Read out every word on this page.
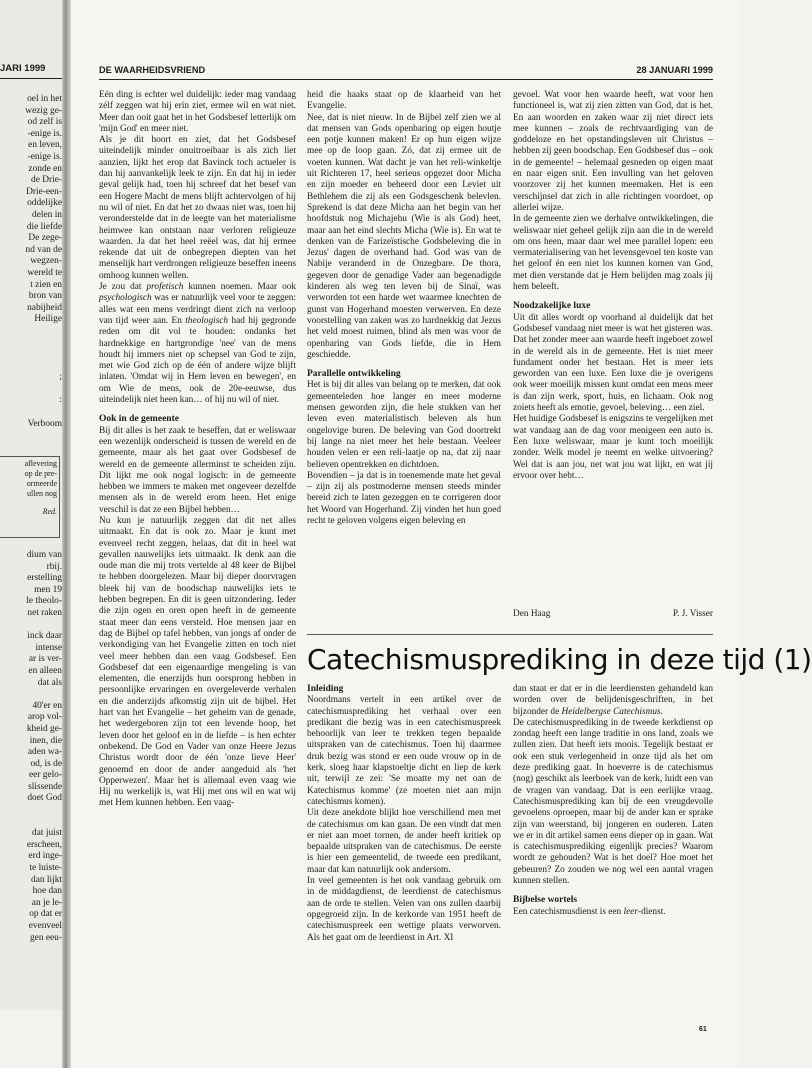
JARI 1999
oel in het
wezig ge-
od zelf is
-enige is.
en leven,
-enige is.
zonde en
de Drie-
Drie-een-
oddelijke
delen in
die liefde
De zege-
nd van de
wegzen-
wereld te
t zien en
bron van
nabijheid
Heilige
;
:
Verboom
aflevering
op de pre-
ormeerde
ullen nog
Red.
dium van
rbij.
erstelling
men 19
le theolo-
net raken
inck daar
intense
ar is ver-
en alleen
dat als
40'er en
arop vol-
kheid ge-
inen, die
aden wa-
od, is de
eer gelo-
slissende
doet God
dat juist
erscheen,
erd inge-
te luiste-
dan lijkt
hoe dan
an je le-
op dat er
evenveel
gen eeu-
DE WAARHEIDSVRIEND	28 JANUARI 1999

Eén ding is echter wel duidelijk: ieder mag vandaag zélf zeggen wat hij erin ziet, ermee wil en wat niet. Meer dan ooit gaat het in het Godsbesef letterlijk om 'mijn God' en meer niet.

Als je dit hoort en ziet, dat het Godsbesef uiteindelijk minder onuitroeibaar is als zich liet aanzien, lijkt het erop dat Bavinck toch actueler is dan hij aanvankelijk leek te zijn. En dat hij in ieder geval gelijk had, toen hij schreef dat het besef van een Hogere Macht de mens blijft achtervolgen of hij nu wil of niet. En dat het zo dwaas niet was, toen hij veronderstelde dat in de leegte van het materialisme heimwee kan ontstaan naar verloren religieuze waarden. Ja dat het heel reëel was, dat hij ermee rekende dat uit de onbegrepen diepten van het menselijk hart verdrongen religieuze beseffen ineens omhoog kunnen wellen.

Je zou dat profetisch kunnen noemen. Maar ook psychologisch was er natuurlijk veel voor te zeggen: alles wat een mens verdringt dient zich na verloop van tijd weer aan. En theologisch had hij gegronde reden om dit vol te houden: ondanks het hardnekkige en hartgrondige 'nee' van de mens houdt hij immers niet op schepsel van God te zijn, met wie God zich op de één of andere wijze blijft inlaten. 'Omdat wij in Hem leven en bewegen', en om Wie de mens, ook de 20e-eeuwse, dus uiteindelijk niet heen kan… of hij nu wil of niet.

Ook in de gemeente

Bij dit alles is het zaak te beseffen, dat er weliswaar een wezenlijk onderscheid is tussen de wereld en de gemeente, maar als het gaat over Godsbesef de wereld en de gemeente allerminst te scheiden zijn. Dit lijkt me ook nogal logisch: in de gemeente hebben we immers te maken met ongeveer dezelfde mensen als in de wereld erom heen. Het enige verschil is dat ze een Bijbel hebben…

Nu kun je natuurlijk zeggen dat dit net alles uitmaakt. En dat is ook zo. Maar je kunt met evenveel recht zeggen, helaas, dat dit in heel wat gevallen nauwelijks iets uitmaakt. Ik denk aan die oude man die mij trots vertelde al 48 keer de Bijbel te hebben doorgelezen. Maar bij dieper doorvragen bleek hij van de boodschap nauwelijks iets te hebben begrepen. En dit is geen uitzondering. Ieder die zijn ogen en oren open heeft in de gemeente staat meer dan eens versteld. Hoe mensen jaar en dag de Bijbel op tafel hebben, van jongs af onder de verkondiging van het Evangelie zitten en toch niet veel meer hebben dan een vaag Godsbesef. Een Godsbesef dat een eigenaardige mengeling is van elementen, die enerzijds hun oorsprong hebben in persoonlijke ervaringen en overgeleverde verhalen en die anderzijds afkomstig zijn uit de bijbel. Het hart van het Evangelie – het geheim van de genade, het wedergeboren zijn tot een levende hoop, het leven door het geloof en in de liefde – is hen echter onbekend. De God en Vader van onze Heere Jezus Christus wordt door de één 'onze lieve Heer' genoemd en door de ander aangeduid als 'het Opperwezen'. Maar het is allemaal even vaag wie Hij nu werkelijk is, wat Hij met ons wil en wat wij met Hem kunnen hebben. Een vaag-

heid die haaks staat op de klaarheid van het Evangelie.

Nee, dat is niet nieuw. In de Bijbel zelf zien we al dat mensen van Gods openbaring op eigen houtje een potje kunnen maken! Er op hun eigen wijze mee op de loop gaan. Zó, dat zij ermee uit de voeten kunnen. Wat dacht je van het reli-winkeltje uit Richteren 17, heel serieus opgezet door Micha en zijn moeder en beheerd door een Leviet uit Bethlehem die zij als een Godsgeschenk belevlen. Sprekend is dat deze Micha aan het begin van het hoofdstuk nog Michajehu (Wie is als God) heet, maar aan het eind slechts Micha (Wie is). En wat te denken van de Farizeïstische Godsbeleving die in Jezus' dagen de overhand had. God was van de Nabije veranderd in de Onzegbare. De thora, gegeven door de genadige Vader aan begenadigde kinderen als weg ten leven bij de Sinaï, was verworden tot een harde wet waarmee knechten de gunst van Hogerhand moesten verwerven. En deze voorstelling van zaken was zo hardnekkig dat Jezus het veld moest ruimen, blind als men was voor de openbaring van Gods liefde, die in Hem geschiedde.

Parallelle ontwikkeling

Het is bij dit alles van belang op te merken, dat ook gemeenteleden hoe langer en meer moderne mensen geworden zijn, die hele stukken van het leven even materialistisch beleven als hun ongelovige buren. De beleving van God doortrekt bij lange na niet meer het hele bestaan. Veeleer houden velen er een reli-laatje op na, dat zij naar believen opentrekken en dichtdoen.

Bovendien – ja dat is in toenemende mate het geval – zijn zij als postmoderne mensen steeds minder bereid zich te laten gezeggen en te corrigeren door het Woord van Hogerhand. Zij vinden het hun goed recht te geloven volgens eigen beleving en

gevoel. Wat voor hen waarde heeft, wat voor hen functioneel is, wat zij zien zitten van God, dat is het. En aan woorden en zaken waar zij niet direct iets mee kunnen – zoals de rechtvaardiging van de goddeloze en het opstandingsleven uit Christus – hebben zij geen boodschap. Een Godsbesef dus – ook in de gemeente! – helemaal gesneden op eigen maat en naar eigen snit. Een invulling van het geloven voorzover zij het kunnen meemaken. Het is een verschijnsel dat zich in alle richtingen voordoet, op allerlei wijze.

In de gemeente zien we derhalve ontwikkelingen, die weliswaar niet geheel gelijk zijn aan die in de wereld om ons heen, maar daar wel mee parallel lopen: een vermaterialisering van het levensgevoel ten koste van het geloof én een niet los kunnen komen van God, met dien verstande dat je Hem belijden mag zoals jij hem beleeft.

Noodzakelijke luxe

Uit dit alles wordt op voorhand al duidelijk dat het Godsbesef vandaag niet meer is wat het gisteren was. Dat het zonder meer aan waarde heeft ingeboet zowel in de wereld als in de gemeente. Het is niet meer fundament onder het bestaan. Het is meer iets geworden van een luxe. Een luxe die je overigens ook weer moeilijk missen kunt omdat een mens meer is dan zijn werk, sport, huis, en lichaam. Ook nog zoiets heeft als emotie, gevoel, beleving… een ziel.

Het huidige Godsbesef is enigszins te vergelijken met wat vandaag aan de dag voor menigeen een auto is. Een luxe weliswaar, maar je kunt toch moeilijk zonder. Welk model je neemt en welke uitvoering? Wel dat is aan jou, net wat jou wat lijkt, en wat jij ervoor over hebt…

Den Haag	P. J. Visser
Catechismusprediking in deze tijd (1)
Inleiding

Noordmans vertelt in een artikel over de catechismusprediking het verhaal over een predikant die bezig was in een catechismuspreek behoorlijk van leer te trekken tegen bepaalde uitspraken van de catechismus. Toen hij daarmee druk bezig was stond er een oude vrouw op in de kerk, sloeg haar klapstoeltje dicht en liep de kerk uit, terwijl ze zei: 'Se moatte my net oan de Katechismus komme' (ze moeten niet aan mijn catechismus komen).

Uit deze anekdote blijkt hoe verschillend men met de catechismus om kan gaan. De een vindt dat men er niet aan moet tornen, de ander heeft kritiek op bepaalde uitspraken van de catechismus. De eerste is hier een gemeentelid, de tweede een predikant, maar dat kan natuurlijk ook andersom.

In veel gemeenten is het ook vandaag gebruik om in de middagdienst, de leerdienst de catechismus aan de orde te stellen. Velen van ons zullen daarbij opgegroeid zijn. In de kerkorde van 1951 heeft de catechismuspreek een wettige plaats verworven. Als het gaat om de leerdienst in Art. XI

dan staat er dat er in die leerdiensten gehandeld kan worden over de belijdenisgeschriften, in het bijzonder de Heidelbergse Catechismus.

De catechismusprediking in de tweede kerkdienst op zondag heeft een lange traditie in ons land, zoals we zullen zien. Dat heeft iets moois. Tegelijk bestaat er ook een stuk verlegenheid in onze tijd als het om deze prediking gaat. In hoeverre is de catechismus (nog) geschikt als leerboek van de kerk, luidt een van de vragen van vandaag. Dat is een eerlijke vraag. Catechismusprediking kan bij de een vreugdevolle gevoelens oproepen, maar bij de ander kan er sprake zijn van weerstand, bij jongeren en ouderen. Laten we er in dit artikel samen eens dieper op in gaan. Wat is catechismusprediking eigenlijk precies? Waarom wordt ze gehouden? Wat is het doel? Hoe moet het gebeuren? Zo zouden we nog wel een aantal vragen kunnen stellen.

Bijbelse wortels

Een catechismusdienst is een leer-dienst.

61
